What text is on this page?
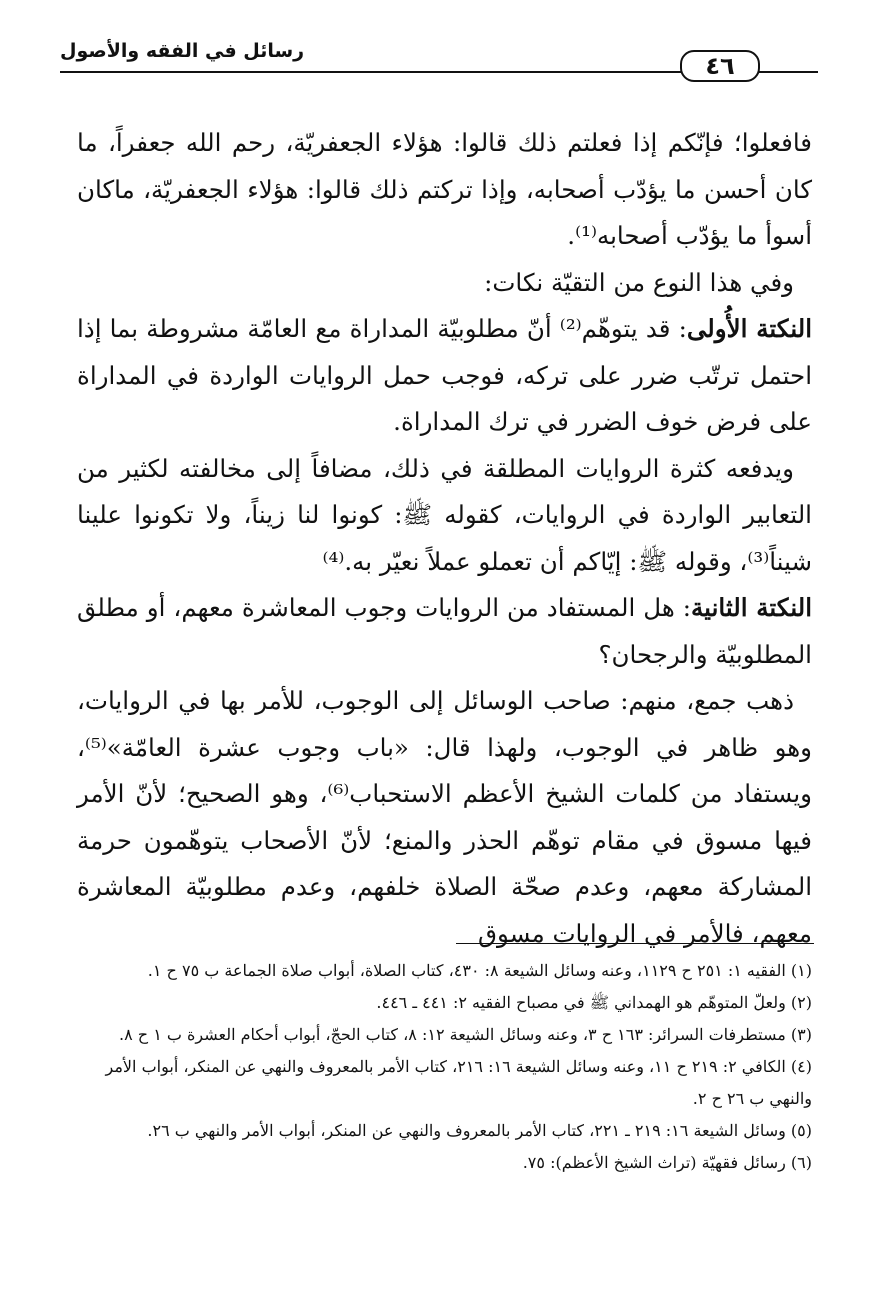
رسائل في الفقه والأصول
٤٦

فافعلوا؛ فإنّكم إذا فعلتم ذلك قالوا: هؤلاء الجعفريّة، رحم الله جعفراً، ما كان أحسن ما يؤدّب أصحابه، وإذا تركتم ذلك قالوا: هؤلاء الجعفريّة، ماكان أسوأ ما يؤدّب أصحابه⁽¹⁾.

وفي هذا النوع من التقيّة نكات:

النكتة الأُولى: قد يتوهّم⁽²⁾ أنّ مطلوبيّة المداراة مع العامّة مشروطة بما إذا احتمل ترتّب ضرر على تركه، فوجب حمل الروايات الواردة في المداراة على فرض خوف الضرر في ترك المداراة.

ويدفعه كثرة الروايات المطلقة في ذلك، مضافاً إلى مخالفته لكثير من التعابير الواردة في الروايات، كقوله ﷺ: كونوا لنا زيناً، ولا تكونوا علينا شيناً⁽³⁾، وقوله ﷺ: إيّاكم أن تعملو عملاً نعيّر به.⁽⁴⁾

النكتة الثانية: هل المستفاد من الروايات وجوب المعاشرة معهم، أو مطلق المطلوبيّة والرجحان؟

ذهب جمع، منهم: صاحب الوسائل إلى الوجوب، للأمر بها في الروايات، وهو ظاهر في الوجوب، ولهذا قال: «باب وجوب عشرة العامّة»⁽⁵⁾، ويستفاد من كلمات الشيخ الأعظم الاستحباب⁽⁶⁾، وهو الصحيح؛ لأنّ الأمر فيها مسوق في مقام توهّم الحذر والمنع؛ لأنّ الأصحاب يتوهّمون حرمة المشاركة معهم، وعدم صحّة الصلاة خلفهم، وعدم مطلوبيّة المعاشرة معهم، فالأمر في الروايات مسوق

(١) الفقيه ١: ٢٥١ ح ١١٢٩، وعنه وسائل الشيعة ٨: ٤٣٠، كتاب الصلاة، أبواب صلاة الجماعة ب ٧٥ ح ١.

(٢) ولعلّ المتوهّم هو الهمداني ﷺ في مصباح الفقيه ٢: ٤٤١ ـ ٤٤٦.

(٣) مستطرفات السرائر: ١٦٣ ح ٣، وعنه وسائل الشيعة ١٢: ٨، كتاب الحجّ، أبواب أحكام العشرة ب ١ ح ٨.

(٤) الكافي ٢: ٢١٩ ح ١١، وعنه وسائل الشيعة ١٦: ٢١٦، كتاب الأمر بالمعروف والنهي عن المنكر، أبواب الأمر والنهي ب ٢٦ ح ٢.

(٥) وسائل الشيعة ١٦: ٢١٩ ـ ٢٢١، كتاب الأمر بالمعروف والنهي عن المنكر، أبواب الأمر والنهي ب ٢٦.

(٦) رسائل فقهيّة (تراث الشيخ الأعظم): ٧٥.
